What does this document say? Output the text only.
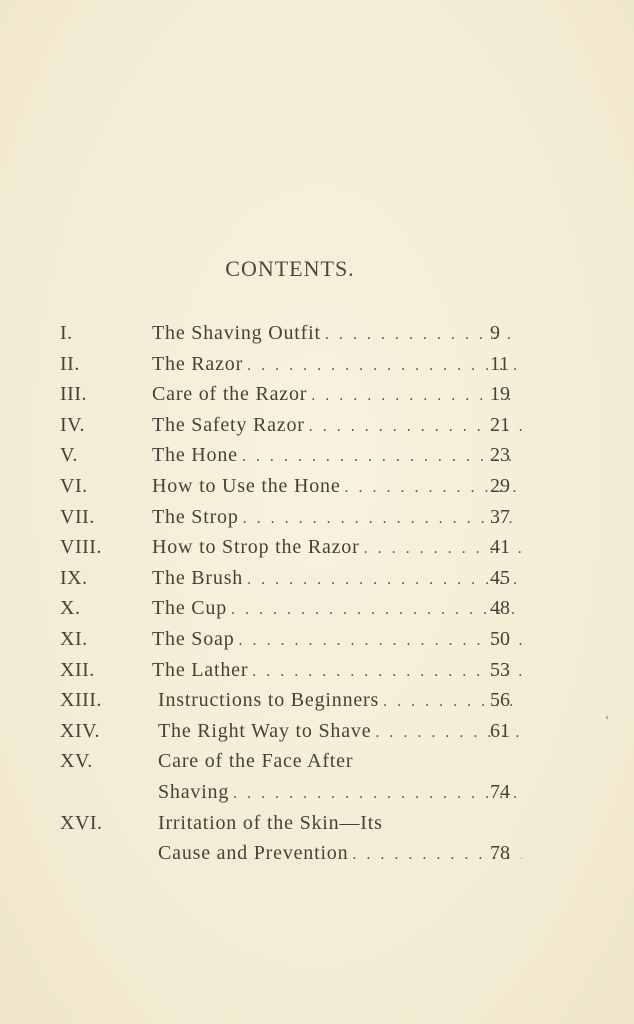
CONTENTS.
I.	The Shaving Outfit . . .	9
II.	The Razor . . .	11
III.	Care of the Razor . . .	19
IV.	The Safety Razor . . .	21
V.	The Hone . . .	23
VI.	How to Use the Hone . . .	29
VII.	The Strop . . .	37
VIII.	How to Strop the Razor . . .	41
IX.	The Brush . . .	45
X.	The Cup . . .	48
XI.	The Soap . . .	50
XII.	The Lather . . .	53
XIII.	Instructions to Beginners . . .	56
XIV.	The Right Way to Shave . . .	61
XV.	Care of the Face After
Shaving . . .	74
XVI.	Irritation of the Skin—Its
Cause and Prevention . . .	78
